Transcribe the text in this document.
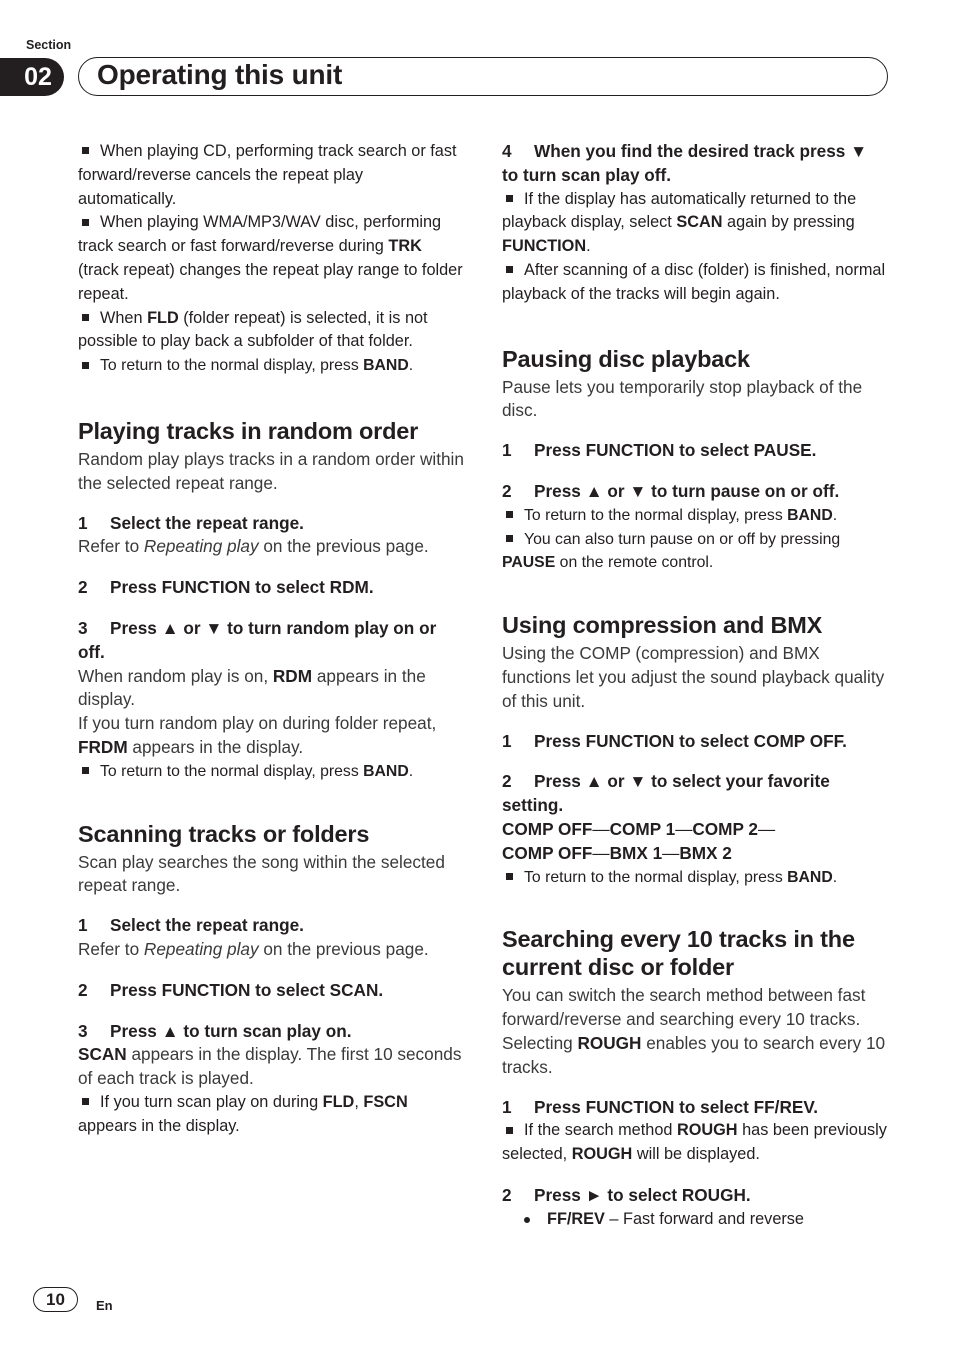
Section
02	Operating this unit

When playing CD, performing track search or fast forward/reverse cancels the repeat play automatically.

When playing WMA/MP3/WAV disc, performing track search or fast forward/reverse during TRK (track repeat) changes the repeat play range to folder repeat.

When FLD (folder repeat) is selected, it is not possible to play back a subfolder of that folder.

To return to the normal display, press BAND.

Playing tracks in random order

Random play plays tracks in a random order within the selected repeat range.

1 Select the repeat range.

Refer to Repeating play on the previous page.

2 Press FUNCTION to select RDM.

3 Press ▲ or ▼ to turn random play on or off.

When random play is on, RDM appears in the display.

If you turn random play on during folder repeat, FRDM appears in the display.

To return to the normal display, press BAND.

Scanning tracks or folders

Scan play searches the song within the selected repeat range.

1 Select the repeat range.

Refer to Repeating play on the previous page.

2 Press FUNCTION to select SCAN.

3 Press ▲ to turn scan play on.

SCAN appears in the display. The first 10 seconds of each track is played.

If you turn scan play on during FLD, FSCN appears in the display.

4 When you find the desired track press ▼ to turn scan play off.

If the display has automatically returned to the playback display, select SCAN again by pressing FUNCTION.

After scanning of a disc (folder) is finished, normal playback of the tracks will begin again.

Pausing disc playback

Pause lets you temporarily stop playback of the disc.

1 Press FUNCTION to select PAUSE.

2 Press ▲ or ▼ to turn pause on or off.

To return to the normal display, press BAND.

You can also turn pause on or off by pressing PAUSE on the remote control.

Using compression and BMX

Using the COMP (compression) and BMX functions let you adjust the sound playback quality of this unit.

1 Press FUNCTION to select COMP OFF.

2 Press ▲ or ▼ to select your favorite setting.

COMP OFF—COMP 1—COMP 2—

COMP OFF—BMX 1—BMX 2

To return to the normal display, press BAND.

Searching every 10 tracks in the current disc or folder

You can switch the search method between fast forward/reverse and searching every 10 tracks. Selecting ROUGH enables you to search every 10 tracks.

1 Press FUNCTION to select FF/REV.

If the search method ROUGH has been previously selected, ROUGH will be displayed.

2 Press ► to select ROUGH.

FF/REV – Fast forward and reverse

10	En
